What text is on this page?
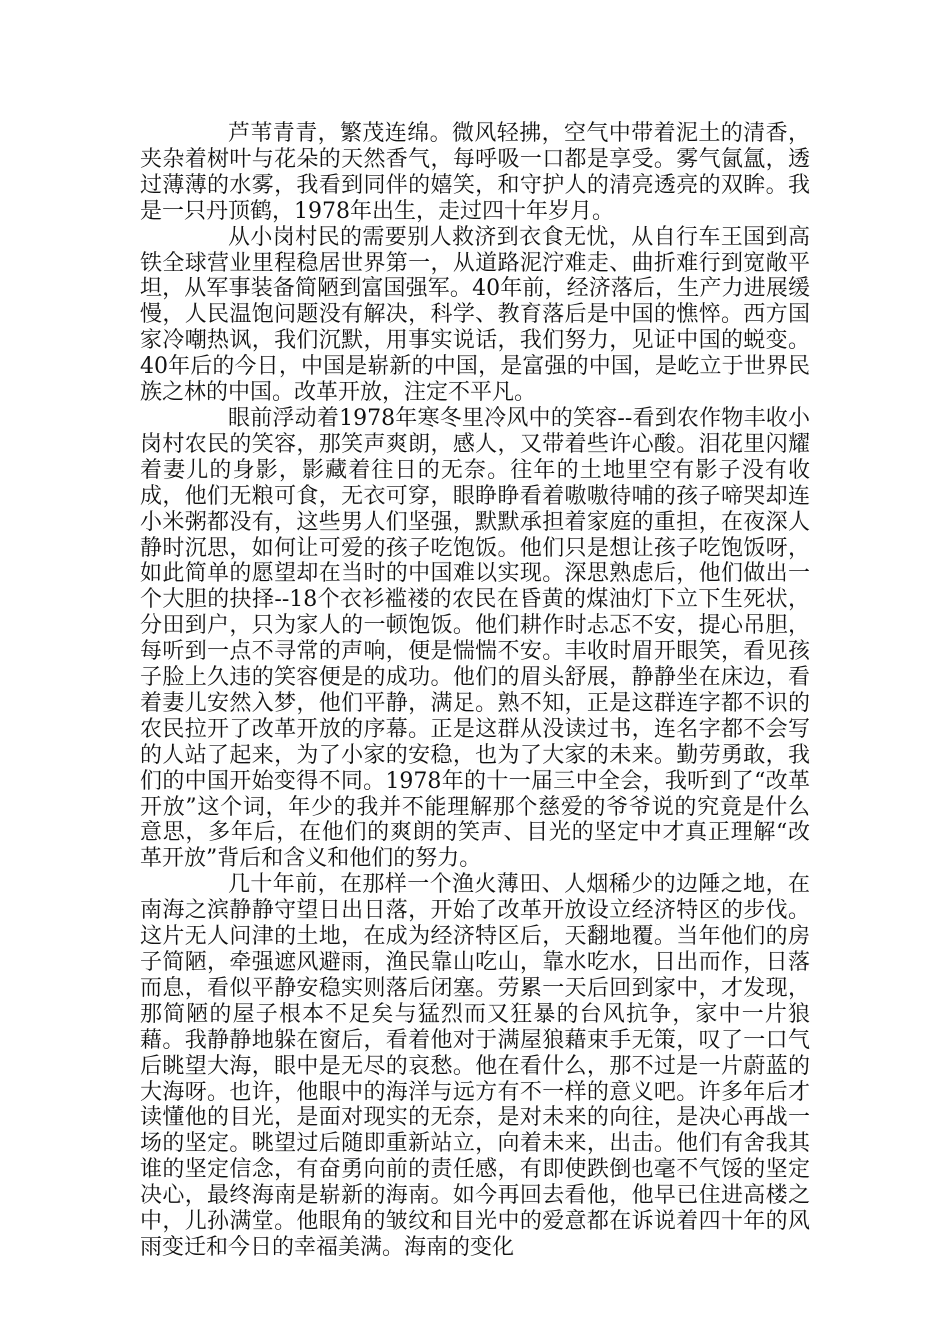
芦苇青青，繁茂连绵。微风轻拂，空气中带着泥土的清香，夹杂着树叶与花朵的天然香气，每呼吸一口都是享受。雾气氤氲，透过薄薄的水雾，我看到同伴的嬉笑，和守护人的清亮透亮的双眸。我是一只丹顶鹤，1978年出生，走过四十年岁月。

从小岗村民的需要别人救济到衣食无忧，从自行车王国到高铁全球营业里程稳居世界第一，从道路泥泞难走、曲折难行到宽敞平坦，从军事装备简陋到富国强军。40年前，经济落后，生产力进展缓慢，人民温饱问题没有解决，科学、教育落后是中国的憔悴。西方国家冷嘲热讽，我们沉默，用事实说话，我们努力，见证中国的蜕变。40年后的今日，中国是崭新的中国，是富强的中国，是屹立于世界民族之林的中国。改革开放，注定不平凡。

眼前浮动着1978年寒冬里冷风中的笑容--看到农作物丰收小岗村农民的笑容，那笑声爽朗，感人，又带着些许心酸。泪花里闪耀着妻儿的身影，影藏着往日的无奈。往年的土地里空有影子没有收成，他们无粮可食，无衣可穿，眼睁睁看着嗷嗷待哺的孩子啼哭却连小米粥都没有，这些男人们坚强，默默承担着家庭的重担，在夜深人静时沉思，如何让可爱的孩子吃饱饭。他们只是想让孩子吃饱饭呀，如此简单的愿望却在当时的中国难以实现。深思熟虑后，他们做出一个大胆的抉择--18个衣衫褴褛的农民在昏黄的煤油灯下立下生死状，分田到户，只为家人的一顿饱饭。他们耕作时忐忑不安，提心吊胆，每听到一点不寻常的声响，便是惴惴不安。丰收时眉开眼笑，看见孩子脸上久违的笑容便是的成功。他们的眉头舒展，静静坐在床边，看着妻儿安然入梦，他们平静，满足。熟不知，正是这群连字都不识的农民拉开了改革开放的序幕。正是这群从没读过书，连名字都不会写的人站了起来，为了小家的安稳，也为了大家的未来。勤劳勇敢，我们的中国开始变得不同。1978年的十一届三中全会，我听到了“改革开放”这个词，年少的我并不能理解那个慈爱的爷爷说的究竟是什么意思，多年后，在他们的爽朗的笑声、目光的坚定中才真正理解“改革开放”背后和含义和他们的努力。

几十年前，在那样一个渔火薄田、人烟稀少的边陲之地，在南海之滨静静守望日出日落，开始了改革开放设立经济特区的步伐。这片无人问津的土地，在成为经济特区后，天翻地覆。当年他们的房子简陋，牵强遮风避雨，渔民靠山吃山，靠水吃水，日出而作，日落而息，看似平静安稳实则落后闭塞。劳累一天后回到家中，才发现，那简陋的屋子根本不足矣与猛烈而又狂暴的台风抗争，家中一片狼藉。我静静地躲在窗后，看着他对于满屋狼藉束手无策，叹了一口气后眺望大海，眼中是无尽的哀愁。他在看什么，那不过是一片蔚蓝的大海呀。也许，他眼中的海洋与远方有不一样的意义吧。许多年后才读懂他的目光，是面对现实的无奈，是对未来的向往，是决心再战一场的坚定。眺望过后随即重新站立，向着未来，出击。他们有舍我其谁的坚定信念，有奋勇向前的责任感，有即使跌倒也毫不气馁的坚定决心，最终海南是崭新的海南。如今再回去看他，他早已住进高楼之中，儿孙满堂。他眼角的皱纹和目光中的爱意都在诉说着四十年的风雨变迁和今日的幸福美满。海南的变化
